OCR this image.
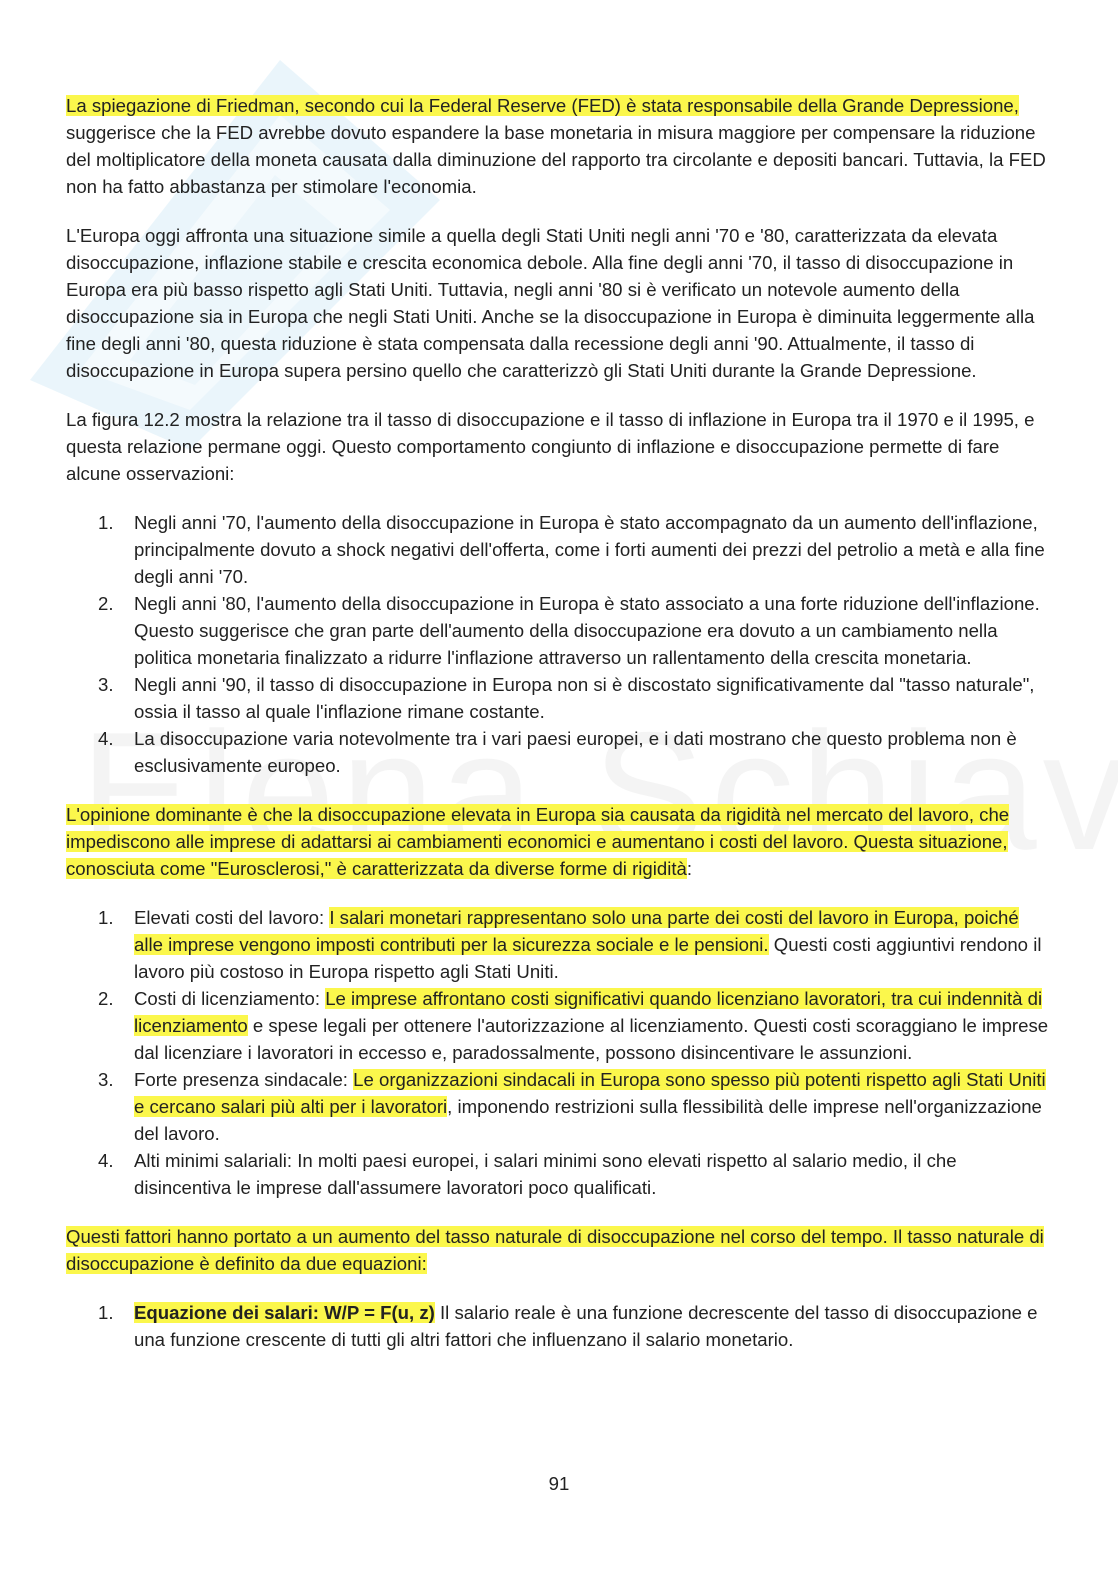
La spiegazione di Friedman, secondo cui la Federal Reserve (FED) è stata responsabile della Grande Depressione, suggerisce che la FED avrebbe dovuto espandere la base monetaria in misura maggiore per compensare la riduzione del moltiplicatore della moneta causata dalla diminuzione del rapporto tra circolante e depositi bancari. Tuttavia, la FED non ha fatto abbastanza per stimolare l'economia.

L'Europa oggi affronta una situazione simile a quella degli Stati Uniti negli anni '70 e '80, caratterizzata da elevata disoccupazione, inflazione stabile e crescita economica debole. Alla fine degli anni '70, il tasso di disoccupazione in Europa era più basso rispetto agli Stati Uniti. Tuttavia, negli anni '80 si è verificato un notevole aumento della disoccupazione sia in Europa che negli Stati Uniti. Anche se la disoccupazione in Europa è diminuita leggermente alla fine degli anni '80, questa riduzione è stata compensata dalla recessione degli anni '90. Attualmente, il tasso di disoccupazione in Europa supera persino quello che caratterizzò gli Stati Uniti durante la Grande Depressione.

La figura 12.2 mostra la relazione tra il tasso di disoccupazione e il tasso di inflazione in Europa tra il 1970 e il 1995, e questa relazione permane oggi. Questo comportamento congiunto di inflazione e disoccupazione permette di fare alcune osservazioni:

1. Negli anni '70, l'aumento della disoccupazione in Europa è stato accompagnato da un aumento dell'inflazione, principalmente dovuto a shock negativi dell'offerta, come i forti aumenti dei prezzi del petrolio a metà e alla fine degli anni '70.
2. Negli anni '80, l'aumento della disoccupazione in Europa è stato associato a una forte riduzione dell'inflazione. Questo suggerisce che gran parte dell'aumento della disoccupazione era dovuto a un cambiamento nella politica monetaria finalizzato a ridurre l'inflazione attraverso un rallentamento della crescita monetaria.
3. Negli anni '90, il tasso di disoccupazione in Europa non si è discostato significativamente dal "tasso naturale", ossia il tasso al quale l'inflazione rimane costante.
4. La disoccupazione varia notevolmente tra i vari paesi europei, e i dati mostrano che questo problema non è esclusivamente europeo.

L'opinione dominante è che la disoccupazione elevata in Europa sia causata da rigidità nel mercato del lavoro, che impediscono alle imprese di adattarsi ai cambiamenti economici e aumentano i costi del lavoro. Questa situazione, conosciuta come "Eurosclerosi," è caratterizzata da diverse forme di rigidità:

1. Elevati costi del lavoro: I salari monetari rappresentano solo una parte dei costi del lavoro in Europa, poiché alle imprese vengono imposti contributi per la sicurezza sociale e le pensioni. Questi costi aggiuntivi rendono il lavoro più costoso in Europa rispetto agli Stati Uniti.
2. Costi di licenziamento: Le imprese affrontano costi significativi quando licenziano lavoratori, tra cui indennità di licenziamento e spese legali per ottenere l'autorizzazione al licenziamento. Questi costi scoraggiano le imprese dal licenziare i lavoratori in eccesso e, paradossalmente, possono disincentivare le assunzioni.
3. Forte presenza sindacale: Le organizzazioni sindacali in Europa sono spesso più potenti rispetto agli Stati Uniti e cercano salari più alti per i lavoratori, imponendo restrizioni sulla flessibilità delle imprese nell'organizzazione del lavoro.
4. Alti minimi salariali: In molti paesi europei, i salari minimi sono elevati rispetto al salario medio, il che disincentiva le imprese dall'assumere lavoratori poco qualificati.

Questi fattori hanno portato a un aumento del tasso naturale di disoccupazione nel corso del tempo. Il tasso naturale di disoccupazione è definito da due equazioni:

1. Equazione dei salari: W/P = F(u, z) Il salario reale è una funzione decrescente del tasso di disoccupazione e una funzione crescente di tutti gli altri fattori che influenzano il salario monetario.
91
